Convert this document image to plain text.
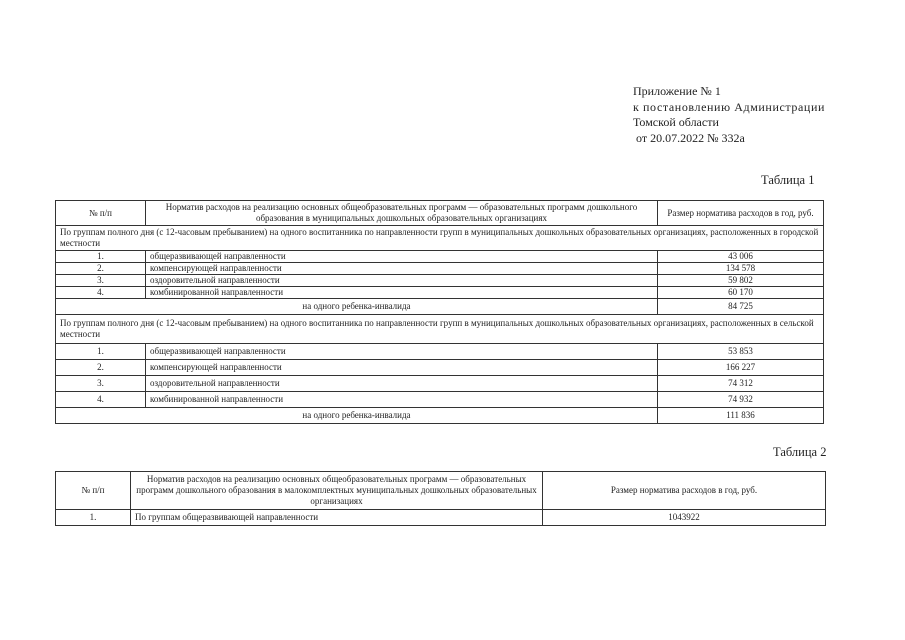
Приложение № 1
к постановлению Администрации
Томской области
от 20.07.2022 № 332а
Таблица 1
№ п/п	Норматив расходов на реализацию основных общеобразовательных программ — образовательных программ дошкольного образования в муниципальных дошкольных образовательных организациях	Размер норматива расходов в год, руб.
По группам полного дня (с 12-часовым пребыванием) на одного воспитанника по направленности групп в муниципальных дошкольных образовательных организациях, расположенных в городской местности		
1.	общеразвивающей направленности	43 006
2.	компенсирующей направленности	134 578
3.	оздоровительной направленности	59 802
4.	комбинированной направленности	60 170
на одного ребенка-инвалида		84 725
По группам полного дня (с 12-часовым пребыванием) на одного воспитанника по направленности групп в муниципальных дошкольных образовательных организациях, расположенных в сельской местности		
1.	общеразвивающей направленности	53 853
2.	компенсирующей направленности	166 227
3.	оздоровительной направленности	74 312
4.	комбинированной направленности	74 932
на одного ребенка-инвалида		111 836
Таблица 2
№ п/п	Норматив расходов на реализацию основных общеобразовательных программ — образовательных программ дошкольного образования в малокомплектных муниципальных дошкольных образовательных организациях	Размер норматива расходов в год, руб.
1.	По группам общеразвивающей направленности	1043922
